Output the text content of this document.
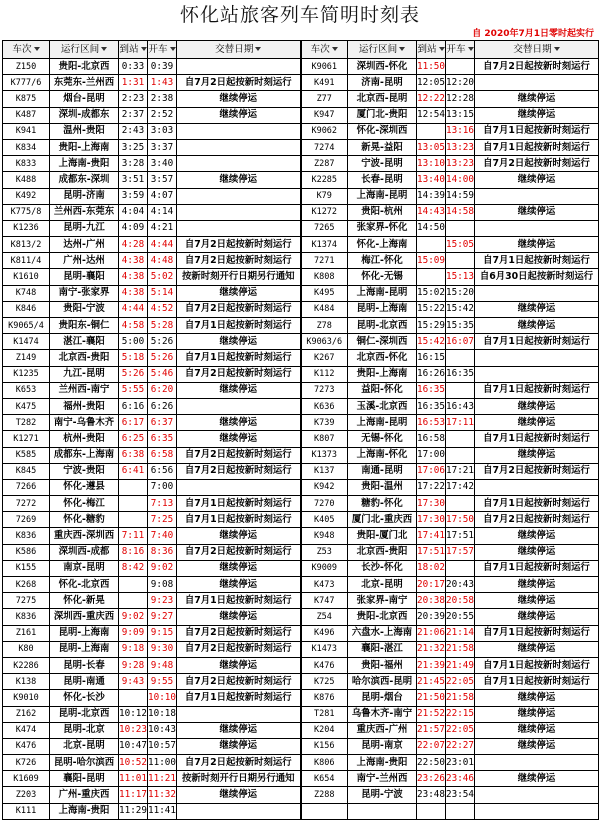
怀化站旅客列车简明时刻表
自 2020年7月1日零时起实行
车次	运行区间	到站	开车	交替日期	车次	运行区间	到站	开车	交替日期
Z150	贵阳-北京西	0:33	0:39		K9061	深圳西-怀化	11:50		自7月2日起按新时刻运行
K777/6	东莞东-兰州西	1:31	1:43	自7月2日起按新时刻运行	K491	济南-昆明	12:05	12:20	
K875	烟台-昆明	2:23	2:38	继续停运	Z77	北京西-昆明	12:22	12:28	继续停运
K487	深圳-成都东	2:37	2:52	继续停运	K947	厦门北-贵阳	12:54	13:15	继续停运
K941	温州-贵阳	2:43	3:03		K9062	怀化-深圳西		13:16	自7月1日起按新时刻运行
K834	贵阳-上海南	3:25	3:37		7274	新晃-益阳	13:05	13:23	自7月1日起按新时刻运行
K833	上海南-贵阳	3:28	3:40		Z287	宁波-昆明	13:10	13:23	自7月2日起按新时刻运行
K488	成都东-深圳	3:51	3:57	继续停运	K2285	长春-昆明	13:40	14:00	继续停运
K492	昆明-济南	3:59	4:07		K79	上海南-昆明	14:39	14:59	
K775/8	兰州西-东莞东	4:04	4:14		K1272	贵阳-杭州	14:43	14:58	继续停运
K1236	昆明-九江	4:09	4:21		7265	张家界-怀化	14:50		
K813/2	达州-广州	4:28	4:44	自7月2日起按新时刻运行	K1374	怀化-上海南		15:05	继续停运
K811/4	广州-达州	4:38	4:48	自7月2日起按新时刻运行	7271	梅江-怀化	15:09		自7月1日起按新时刻运行
K1610	昆明-襄阳	4:38	5:02	按新时刻开行日期另行通知	K808	怀化-无锡		15:13	自6月30日起按新时刻运行
K748	南宁-张家界	4:38	5:14	继续停运	K495	上海南-昆明	15:02	15:20	
K846	贵阳-宁波	4:44	4:52	自7月2日起按新时刻运行	K484	昆明-上海南	15:22	15:42	继续停运
K9065/4	贵阳东-铜仁	4:58	5:28	自7月1日起按新时刻运行	Z78	昆明-北京西	15:29	15:35	继续停运
K1474	湛江-襄阳	5:00	5:26	继续停运	K9063/6	铜仁-深圳西	15:42	16:07	自7月1日起按新时刻运行
Z149	北京西-贵阳	5:18	5:26	自7月1日起按新时刻运行	K267	北京西-怀化	16:15		
K1235	九江-昆明	5:26	5:46	自7月2日起按新时刻运行	K112	贵阳-上海南	16:26	16:35	
K653	兰州西-南宁	5:55	6:20	继续停运	7273	益阳-怀化	16:35		自7月1日起按新时刻运行
K475	福州-贵阳	6:16	6:26		K636	玉溪-北京西	16:35	16:43	继续停运
T282	南宁-乌鲁木齐	6:17	6:37	继续停运	K739	上海南-昆明	16:53	17:11	继续停运
K1271	杭州-贵阳	6:25	6:35	继续停运	K807	无锡-怀化	16:58		自7月1日起按新时刻运行
K585	成都东-上海南	6:38	6:58	自7月2日起按新时刻运行	K1373	上海南-怀化	17:00		继续停运
K845	宁波-贵阳	6:41	6:56	自7月2日起按新时刻运行	K137	南通-昆明	17:06	17:21	自7月2日起按新时刻运行
7266	怀化-遵县		7:00		K942	贵阳-温州	17:22	17:42	
7272	怀化-梅江		7:13	自7月1日起按新时刻运行	7270	糖豹-怀化	17:30		自7月1日起按新时刻运行
7269	怀化-糖豹		7:25	自7月1日起按新时刻运行	K405	厦门北-重庆西	17:30	17:50	自7月2日起按新时刻运行
K836	重庆西-深圳西	7:11	7:40	继续停运	K948	贵阳-厦门北	17:41	17:51	继续停运
K586	深圳西-成都	8:16	8:36	自7月2日起按新时刻运行	Z53	北京西-贵阳	17:51	17:57	继续停运
K155	南京-昆明	8:42	9:02	继续停运	K9009	长沙-怀化	18:02		自7月1日起按新时刻运行
K268	怀化-北京西		9:08	继续停运	K473	北京-昆明	20:17	20:43	继续停运
7275	怀化-新晃		9:23	自7月1日起按新时刻运行	K747	张家界-南宁	20:38	20:58	继续停运
K836	深圳西-重庆西	9:02	9:27	继续停运	Z54	贵阳-北京西	20:39	20:55	继续停运
Z161	昆明-上海南	9:09	9:15	自7月2日起按新时刻运行	K496	六盘水-上海南	21:06	21:14	自7月1日起按新时刻运行
K80	昆明-上海南	9:18	9:30	自7月2日起按新时刻运行	K1473	襄阳-湛江	21:32	21:58	继续停运
K2286	昆明-长春	9:28	9:48	继续停运	K476	贵阳-福州	21:39	21:49	自7月1日起按新时刻运行
K138	昆明-南通	9:43	9:55	自7月2日起按新时刻运行	K725	哈尔滨西-昆明	21:45	22:05	自7月1日起按新时刻运行
K9010	怀化-长沙		10:10	自7月1日起按新时刻运行	K876	昆明-烟台	21:50	21:58	继续停运
Z162	昆明-北京西	10:12	10:18		T281	乌鲁木齐-南宁	21:52	22:15	继续停运
K474	昆明-北京	10:23	10:43	继续停运	K204	重庆西-广州	21:57	22:05	继续停运
K476	北京-昆明	10:47	10:57	继续停运	K156	昆明-南京	22:07	22:27	继续停运
K726	昆明-哈尔滨西	10:52	11:00	自7月2日起按新时刻运行	K806	上海南-贵阳	22:50	23:01	
K1609	襄阳-昆明	11:01	11:21	按新时刻开行日期另行通知	K654	南宁-兰州西	23:26	23:46	继续停运
Z203	广州-重庆西	11:17	11:32	继续停运	Z288	昆明-宁波	23:48	23:54	
K111	上海南-贵阳	11:29	11:41						
